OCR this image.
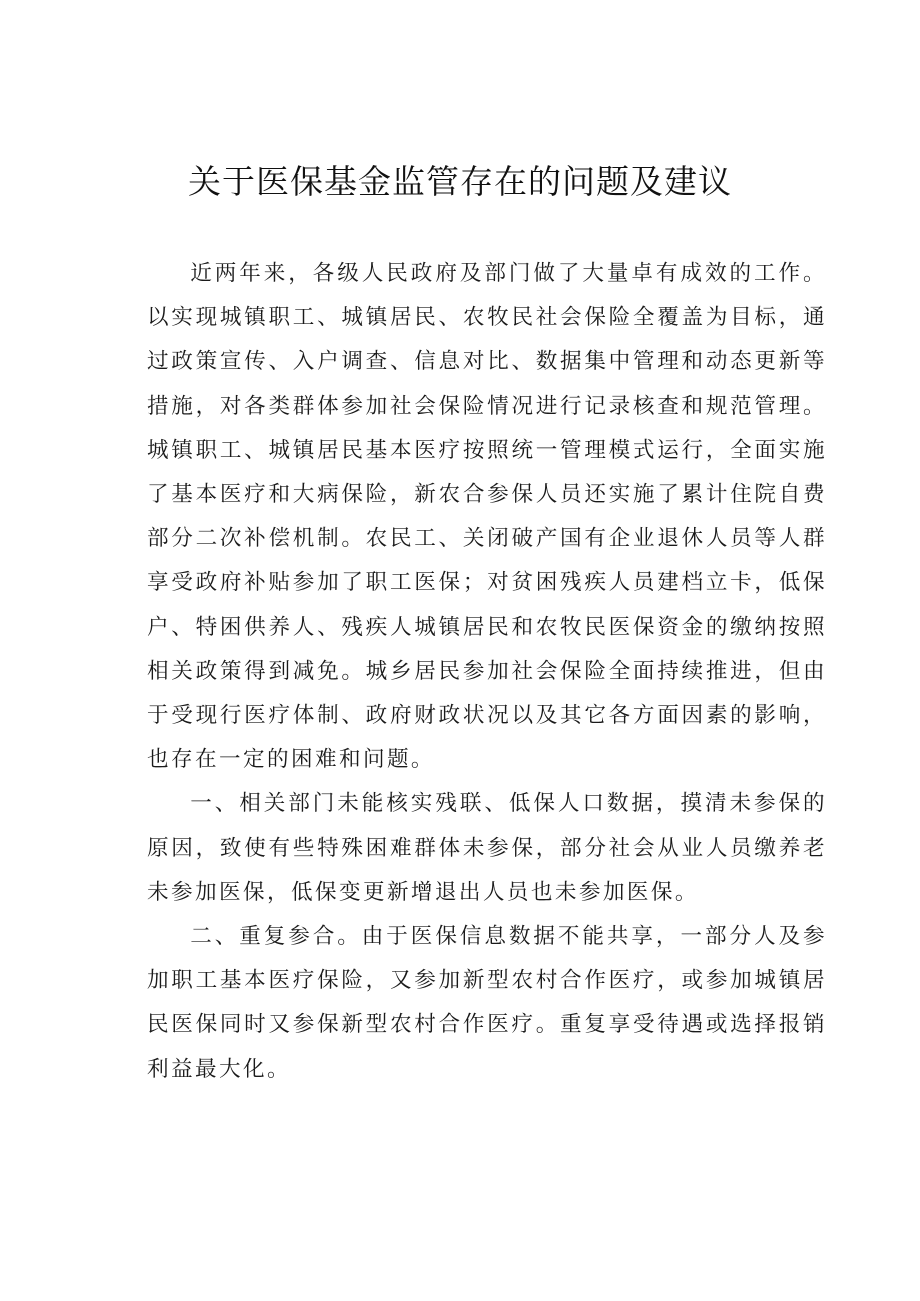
关于医保基金监管存在的问题及建议

近两年来，各级人民政府及部门做了大量卓有成效的工作。以实现城镇职工、城镇居民、农牧民社会保险全覆盖为目标，通过政策宣传、入户调查、信息对比、数据集中管理和动态更新等措施，对各类群体参加社会保险情况进行记录核查和规范管理。城镇职工、城镇居民基本医疗按照统一管理模式运行，全面实施了基本医疗和大病保险，新农合参保人员还实施了累计住院自费部分二次补偿机制。农民工、关闭破产国有企业退休人员等人群享受政府补贴参加了职工医保；对贫困残疾人员建档立卡，低保户、特困供养人、残疾人城镇居民和农牧民医保资金的缴纳按照相关政策得到减免。城乡居民参加社会保险全面持续推进，但由于受现行医疗体制、政府财政状况以及其它各方面因素的影响，也存在一定的困难和问题。

一、相关部门未能核实残联、低保人口数据，摸清未参保的原因，致使有些特殊困难群体未参保，部分社会从业人员缴养老未参加医保，低保变更新增退出人员也未参加医保。

二、重复参合。由于医保信息数据不能共享，一部分人及参加职工基本医疗保险，又参加新型农村合作医疗，或参加城镇居民医保同时又参保新型农村合作医疗。重复享受待遇或选择报销利益最大化。
